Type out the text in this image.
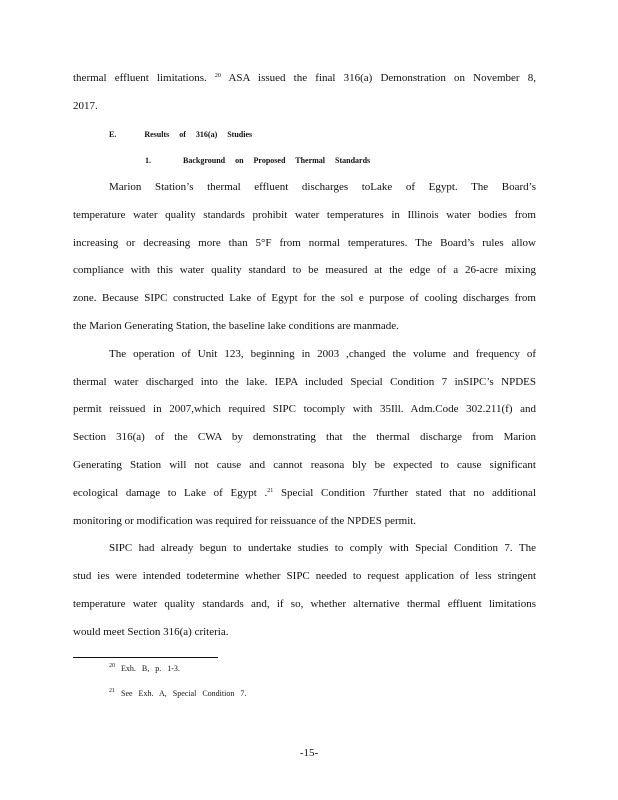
thermal effluent limitations. $^{20}$ ASA issued the final 316(a) Demonstration on November 8,
2017.
E.	Results of 316(a) Studies
1.	Background on Proposed Thermal Standards
Marion Station’s thermal effluent discharges toLake of Egypt. The Board’s
temperature water quality standards prohibit water temperatures in Illinois water bodies from
increasing or decreasing more than 5°F from normal temperatures. The Board’s rules allow
compliance with this water quality standard to be measured at the edge of a 26-acre mixing
zone. Because SIPC constructed Lake of Egypt for the sol e purpose of cooling discharges from
the Marion Generating Station, the baseline lake conditions are manmade.
The operation of Unit 123, beginning in 2003 ,changed the volume and frequency of
thermal water discharged into the lake. IEPA included Special Condition 7 inSIPC’s NPDES
permit reissued in 2007,which required SIPC tocomply with 35Ill. Adm.Code 302.211(f) and
Section 316(a) of the CWA by demonstrating that the thermal discharge from Marion
Generating Station will not cause and cannot reasona bly be expected to cause significant
ecological damage to Lake of Egypt .$^{21}$ Special Condition 7further stated that no additional
monitoring or modification was required for reissuance of the NPDES permit.
SIPC had already begun to undertake studies to comply with Special Condition 7. The
stud ies were intended todetermine whether SIPC needed to request application of less stringent
temperature water quality standards and, if so, whether alternative thermal effluent limitations
would meet Section 316(a) criteria.
$^{20}$ Exh. B, p. 1-3.
$^{21}$ See Exh. A, Special Condition 7.
-15-
